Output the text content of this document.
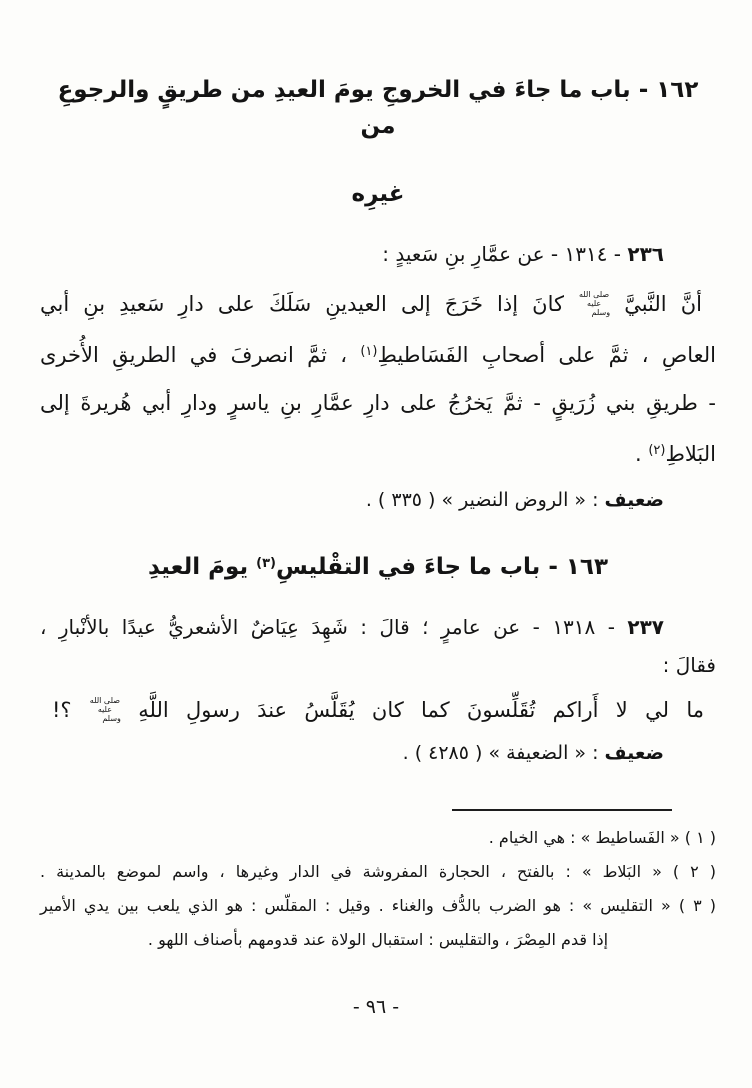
١٦٢ - باب ما جاءَ في الخروجِ يومَ العيدِ من طريقٍ والرجوعِ من
غيرِه
٢٣٦ - ١٣١٤ - عن عمَّارِ بنِ سَعيدٍ :
أنَّ النَّبيَّ صلى الله عليه وسلم كانَ إذا خَرَجَ إلى العيدينِ سَلَكَ على دارِ سَعيدِ بنِ أبي
العاصِ ، ثمَّ على أصحابِ الفَسَاطيطِ$^{(١)}$ ، ثمَّ انصرفَ في الطريقِ الأُخرى
- طريقِ بني زُرَيقٍ - ثمَّ يَخرُجُ على دارِ عمَّارِ بنِ ياسرٍ ودارِ أبي هُريرةَ إلى
البَلاطِ$^{(٢)}$ .
ضعيف : « الروض النضير » ( ٣٣٥ ) .
١٦٣ - باب ما جاءَ في التقْليسِ$^{(٣)}$ يومَ العيدِ
٢٣٧ - ١٣١٨ - عن عامرٍ ؛ قالَ : شَهِدَ عِيَاضٌ الأشعريُّ عيدًا بالأنْبارِ ،
فقالَ :
ما لي لا أَراكم تُقَلِّسونَ كما كان يُقَلَّسُ عندَ رسولِ اللَّهِ صلى الله عليه وسلم ؟!
ضعيف : « الضعيفة » ( ٤٢٨٥ ) .
( ١ ) « الفَساطيط » : هي الخيام .
( ٢ ) « البَلاط » : بالفتح ، الحجارة المفروشة في الدار وغيرها ، واسم لموضع بالمدينة .
( ٣ ) « التقليس » : هو الضرب بالدُّف والغناء . وقيل : المقلّس : هو الذي يلعب بين يدي الأمير
إذا قدم المِصْرَ ، والتقليس : استقبال الولاة عند قدومهم بأصناف اللهو .
- ٩٦ -
